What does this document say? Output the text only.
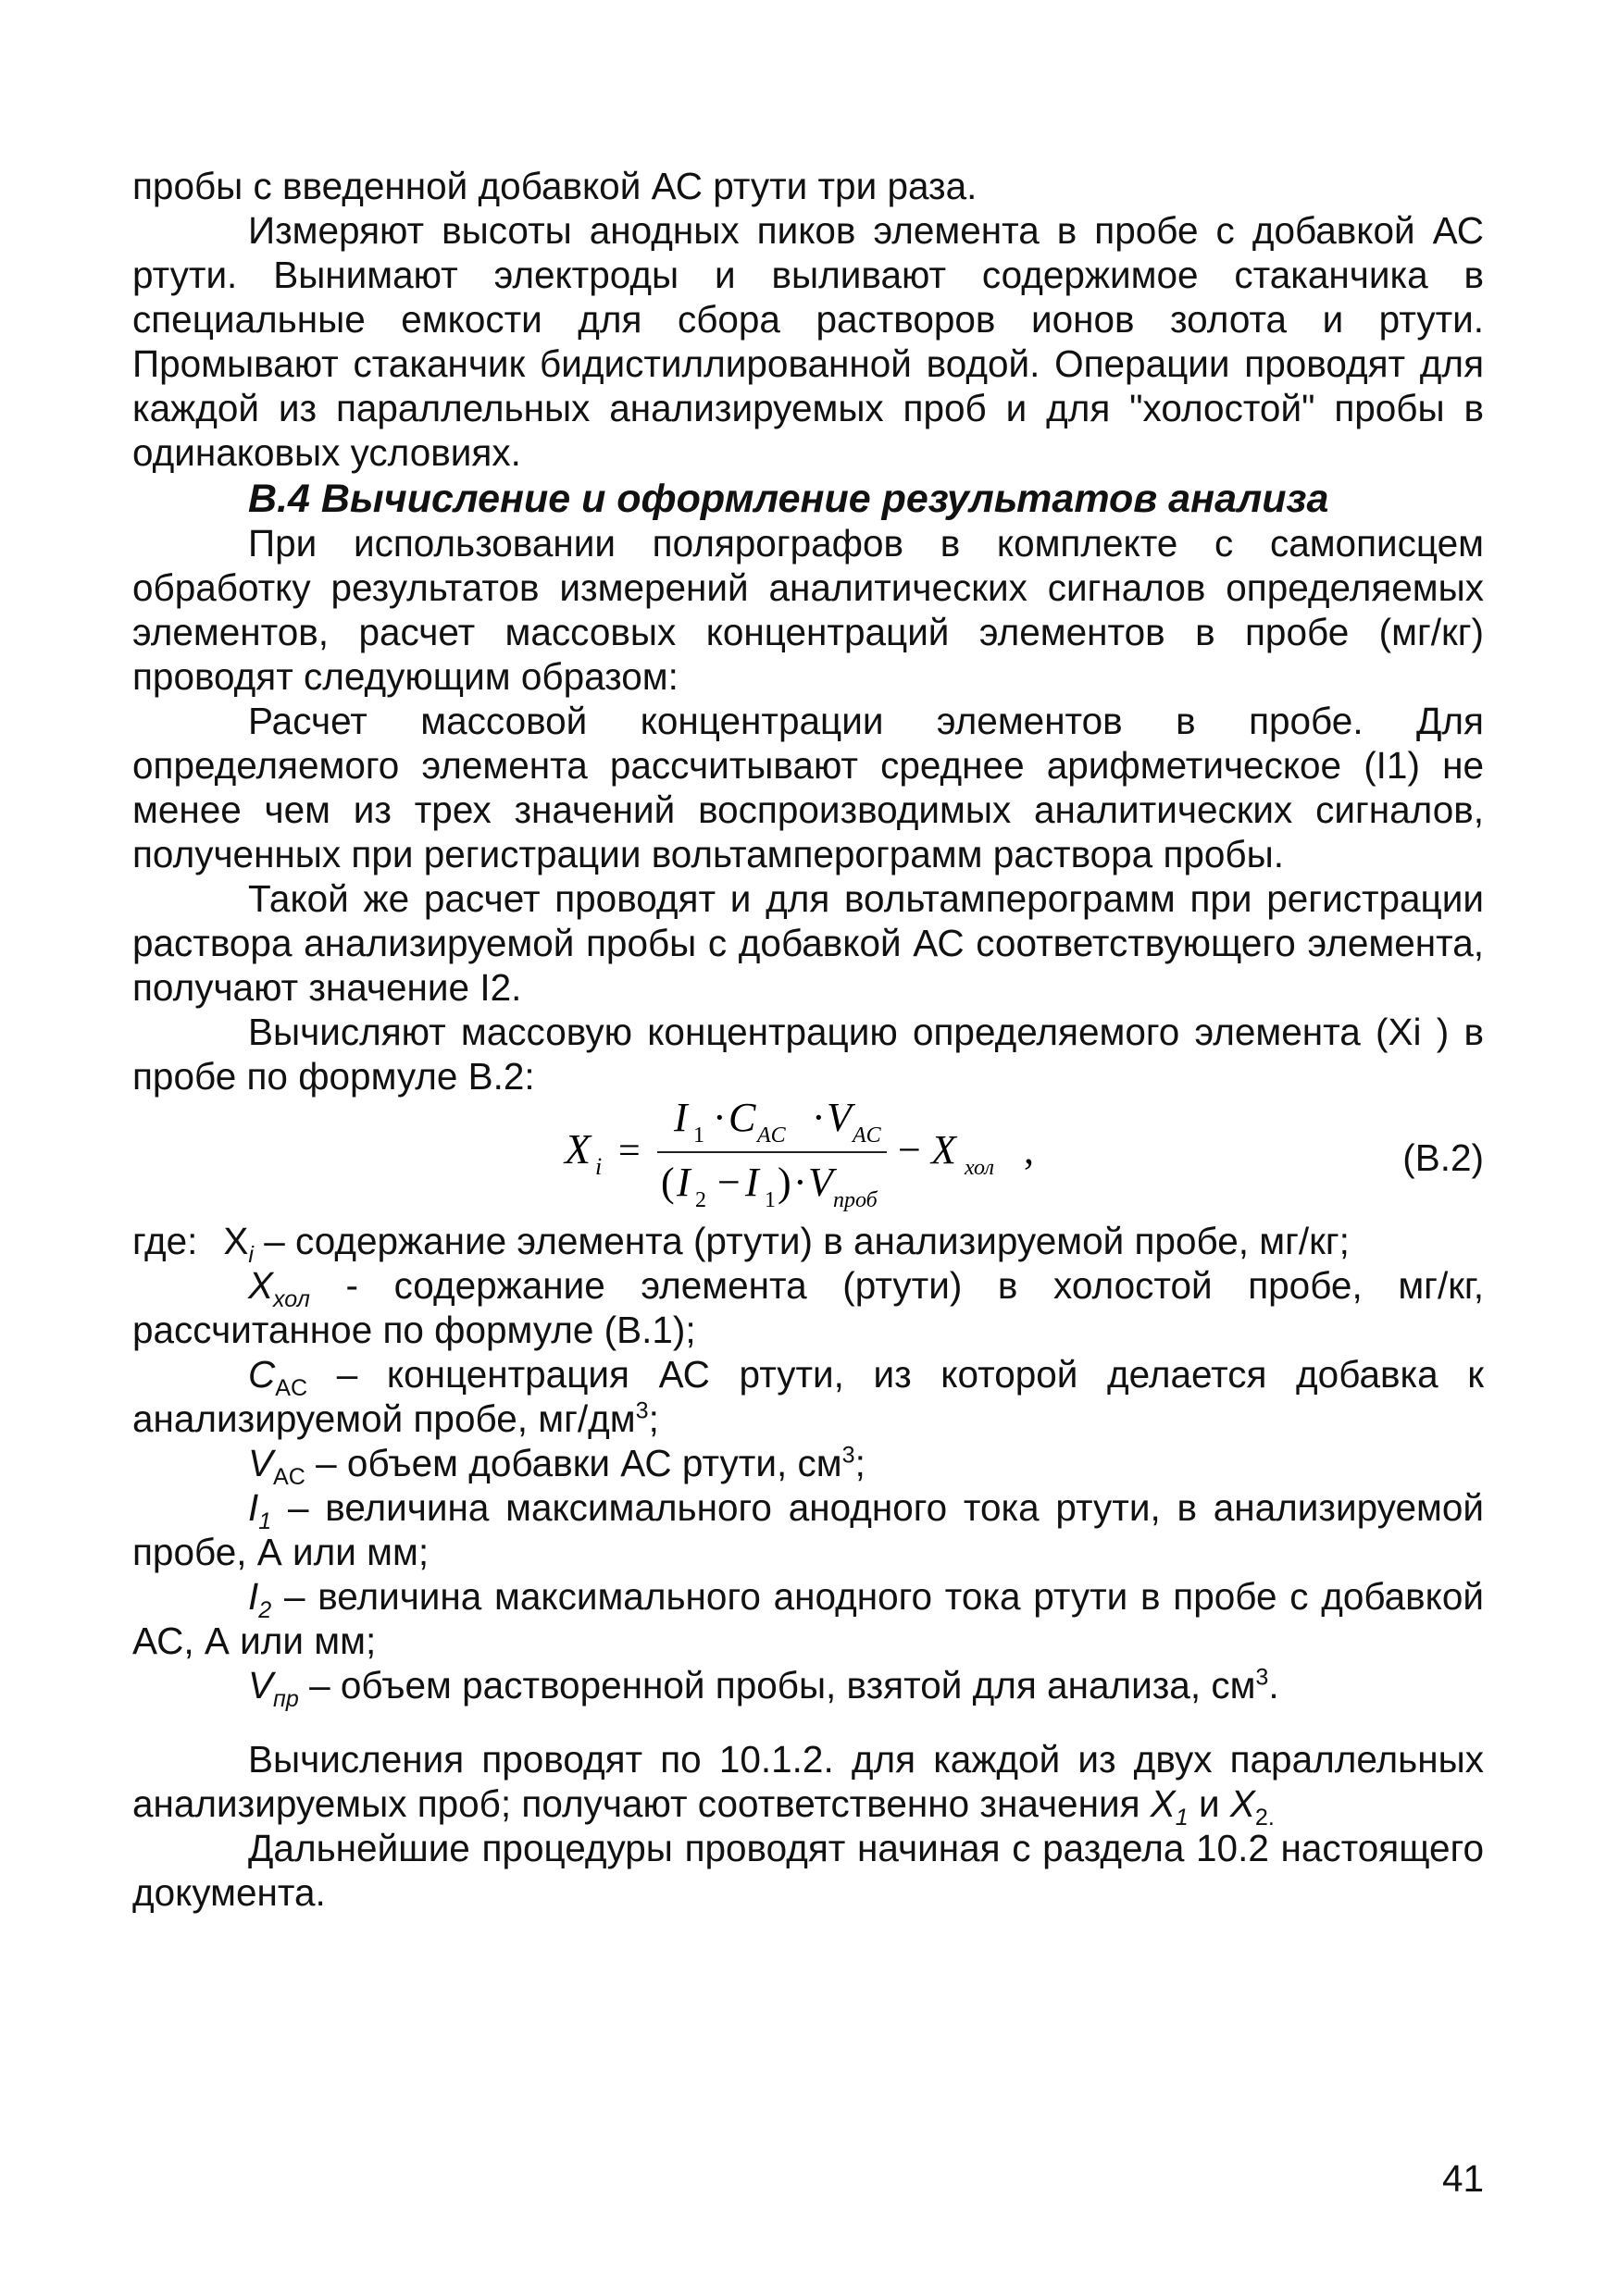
пробы с введенной добавкой АС ртути три раза.

Измеряют высоты анодных пиков элемента в пробе с добавкой АС ртути. Вынимают электроды и выливают содержимое стаканчика в специальные емкости для сбора растворов ионов золота и ртути. Промывают стаканчик бидистиллированной водой. Операции проводят для каждой из параллельных анализируемых проб и для "холостой" пробы в одинаковых условиях.

В.4 Вычисление и оформление результатов анализа

При использовании полярографов в комплекте с самописцем обработку результатов измерений аналитических сигналов определяемых элементов, расчет массовых концентраций элементов в пробе (мг/кг) проводят следующим образом:

Расчет массовой концентрации элементов в пробе. Для определяемого элемента рассчитывают среднее арифметическое (I1) не менее чем из трех значений воспроизводимых аналитических сигналов, полученных при регистрации вольтамперограмм раствора пробы.

Такой же расчет проводят и для вольтамперограмм при регистрации раствора анализируемой пробы с добавкой АС соответствующего элемента, получают значение I2.

Вычисляют массовую концентрацию определяемого элемента (Xi ) в пробе по формуле В.2:

X i =
I · C · V
1 AC	AC
( I − I ) · V
2	1	проб
− X ,
хол	(В.2)

где: $X_i$ – содержание элемента (ртути) в анализируемой пробе, мг/кг;

$X_{хол}$ - содержание элемента (ртути) в холостой пробе, мг/кг, рассчитанное по формуле (В.1);

$C_{AC}$ – концентрация АС ртути, из которой делается добавка к анализируемой пробе, $мг/дм^3$;

$V_{AC}$ – объем добавки АС ртути, $см^3$;

$I_1$ – величина максимального анодного тока ртути, в анализируемой пробе, А или мм;

$I_2$ – величина максимального анодного тока ртути в пробе с добавкой АС, А или мм;

$V_{пр}$ – объем растворенной пробы, взятой для анализа, $см^3$.

Вычисления проводят по 10.1.2. для каждой из двух параллельных анализируемых проб; получают соответственно значения $X_1$ и $X_{2.}$

Дальнейшие процедуры проводят начиная с раздела 10.2 настоящего документа.

41
